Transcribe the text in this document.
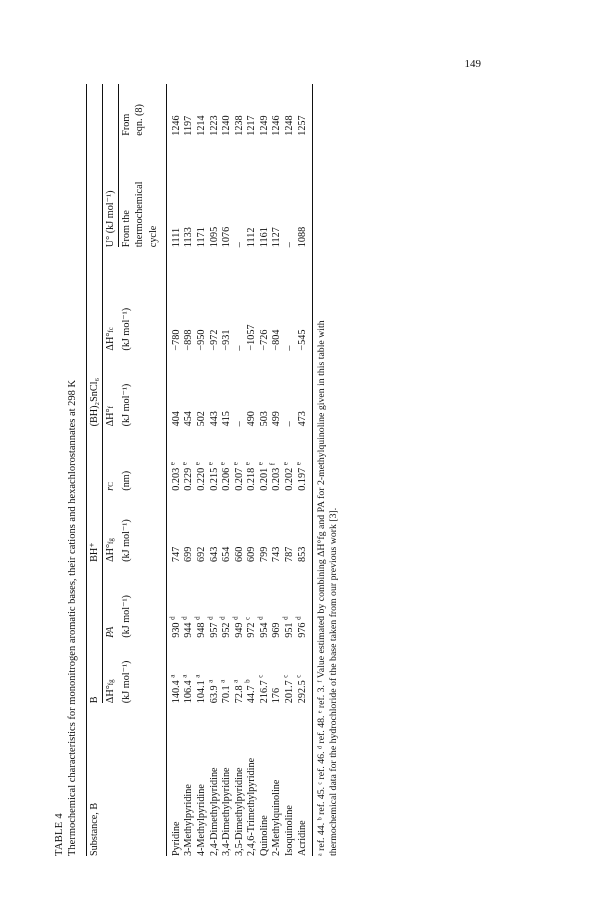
149
TABLE 4 Thermochemical characteristics for mononitrogen aromatic bases, their cations and hexachlorostannates at 298 K Substance, B	B		BH⁺		(BH)₂SnCl₆			

	ΔH°fg	PA	ΔH°fg	rC	ΔH°f	ΔH°fc	U° (kJ mol⁻¹)	

	(kJ mol⁻¹)	(kJ mol⁻¹)	(kJ mol⁻¹)	(nm)	(kJ mol⁻¹)	(kJ mol⁻¹)	From the	From
							thermochemical	eqn. (8)
							cycle	

Pyridine	140.4 $^a$	930 $^d$	747	0.203 $^e$	404	−780	1111	1246
3-Methylpyridine	106.4 $^a$	944 $^d$	699	0.229 $^e$	454	−898	1133	1197
4-Methylpyridine	104.1 $^a$	948 $^d$	692	0.220 $^e$	502	−950	1171	1214
2,4-Dimethylpyridine	63.9 $^a$	957 $^d$	643	0.215 $^e$	443	−972	1095	1223
3,4-Dimethylpyridine	70.1 $^a$	952 $^d$	654	0.206 $^e$	415	−931	1076	1240
3,5-Dimethylpyridine	72.8 $^a$	949 $^d$	660	0.207 $^e$	–	–	–	1238
2,4,6-Trimethylpyridine	44.7 $^b$	972 $^c$	609	0.218 $^e$	490	−1057	1112	1217
Quinoline	216.7 $^c$	954 $^d$	799	0.201 $^e$	503	−726	1161	1249
2-Methylquinoline	176	969	743	0.203 $^f$	499	−804	1127	1246
Isoquinoline	201.7 $^c$	951 $^d$	787	0.202 $^e$	–	–	–	1248
Acridine	292.5 $^c$	976 $^d$	853	0.197 $^e$	473	−545	1088	1257
ᵃ ref. 44. ᵇ ref. 45. ᶜ ref. 46. ᵈ ref. 48. ᵉ ref. 3. ᶠ Value estimated by combining ΔH°fg and PA for 2-methylquinoline given in this table with thermochemical data for the hydrochloride of the base taken from our previous work [3].
